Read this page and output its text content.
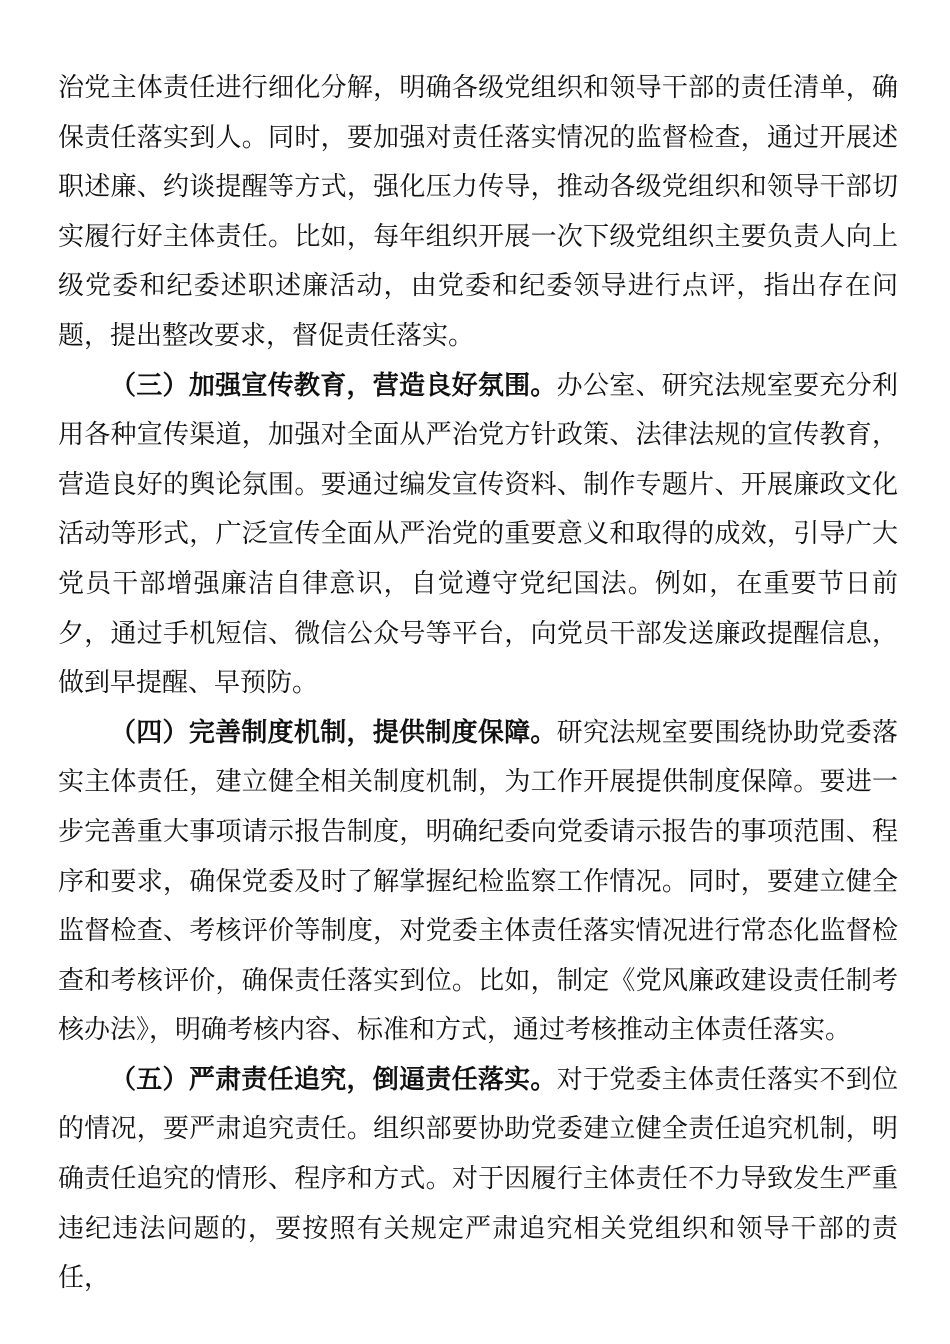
治党主体责任进行细化分解，明确各级党组织和领导干部的责任清单，确保责任落实到人。同时，要加强对责任落实情况的监督检查，通过开展述职述廉、约谈提醒等方式，强化压力传导，推动各级党组织和领导干部切实履行好主体责任。比如，每年组织开展一次下级党组织主要负责人向上级党委和纪委述职述廉活动，由党委和纪委领导进行点评，指出存在问题，提出整改要求，督促责任落实。

（三）加强宣传教育，营造良好氛围。办公室、研究法规室要充分利用各种宣传渠道，加强对全面从严治党方针政策、法律法规的宣传教育，营造良好的舆论氛围。要通过编发宣传资料、制作专题片、开展廉政文化活动等形式，广泛宣传全面从严治党的重要意义和取得的成效，引导广大党员干部增强廉洁自律意识，自觉遵守党纪国法。例如，在重要节日前夕，通过手机短信、微信公众号等平台，向党员干部发送廉政提醒信息，做到早提醒、早预防。

（四）完善制度机制，提供制度保障。研究法规室要围绕协助党委落实主体责任，建立健全相关制度机制，为工作开展提供制度保障。要进一步完善重大事项请示报告制度，明确纪委向党委请示报告的事项范围、程序和要求，确保党委及时了解掌握纪检监察工作情况。同时，要建立健全监督检查、考核评价等制度，对党委主体责任落实情况进行常态化监督检查和考核评价，确保责任落实到位。比如，制定《党风廉政建设责任制考核办法》，明确考核内容、标准和方式，通过考核推动主体责任落实。

（五）严肃责任追究，倒逼责任落实。对于党委主体责任落实不到位的情况，要严肃追究责任。组织部要协助党委建立健全责任追究机制，明确责任追究的情形、程序和方式。对于因履行主体责任不力导致发生严重违纪违法问题的，要按照有关规定严肃追究相关党组织和领导干部的责任，
